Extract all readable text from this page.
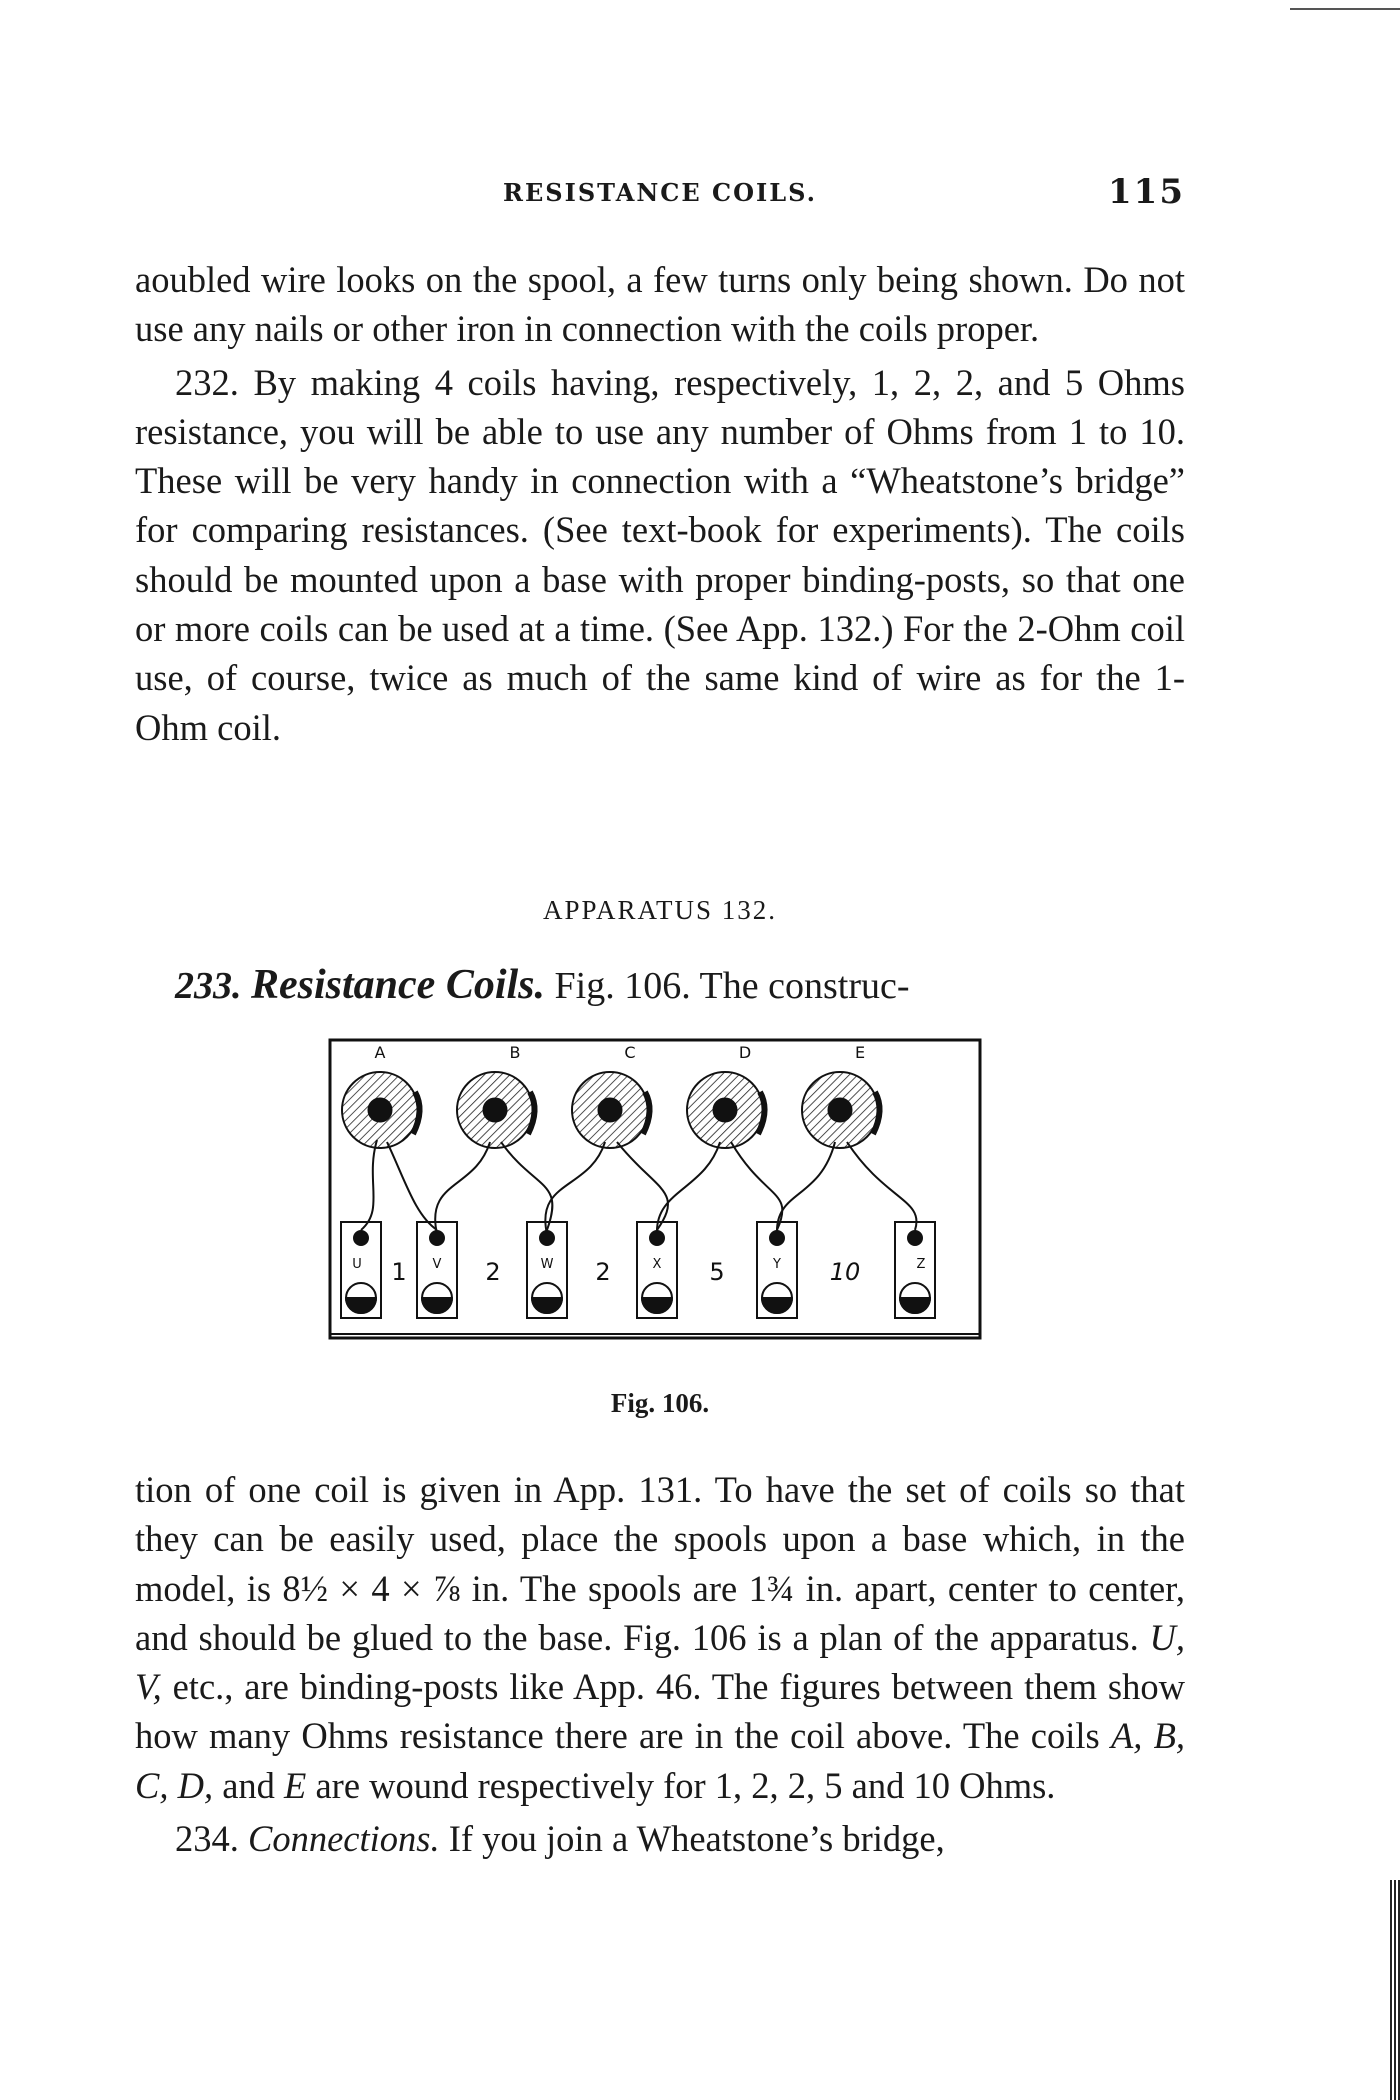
RESISTANCE COILS.	115

aoubled wire looks on the spool, a few turns only being shown. Do not use any nails or other iron in connection with the coils proper.

232. By making 4 coils having, respectively, 1, 2, 2, and 5 Ohms resistance, you will be able to use any number of Ohms from 1 to 10. These will be very handy in connection with a “Wheatstone’s bridge” for comparing resistances. (See text-book for experiments). The coils should be mounted upon a base with proper binding-posts, so that one or more coils can be used at a time. (See App. 132.) For the 2-Ohm coil use, of course, twice as much of the same kind of wire as for the 1-Ohm coil.

APPARATUS 132.
233. Resistance Coils. Fig. 106. The construc-
A	B	C	D	E
U	V	W	X	Y	Z
1	2	2	5	10
Fig. 106.

tion of one coil is given in App. 131. To have the set of coils so that they can be easily used, place the spools upon a base which, in the model, is 8½ × 4 × ⅞ in. The spools are 1¾ in. apart, center to center, and should be glued to the base. Fig. 106 is a plan of the apparatus. U, V, etc., are binding-posts like App. 46. The figures between them show how many Ohms resistance there are in the coil above. The coils A, B, C, D, and E are wound respectively for 1, 2, 2, 5 and 10 Ohms.

234. Connections. If you join a Wheatstone’s bridge,
